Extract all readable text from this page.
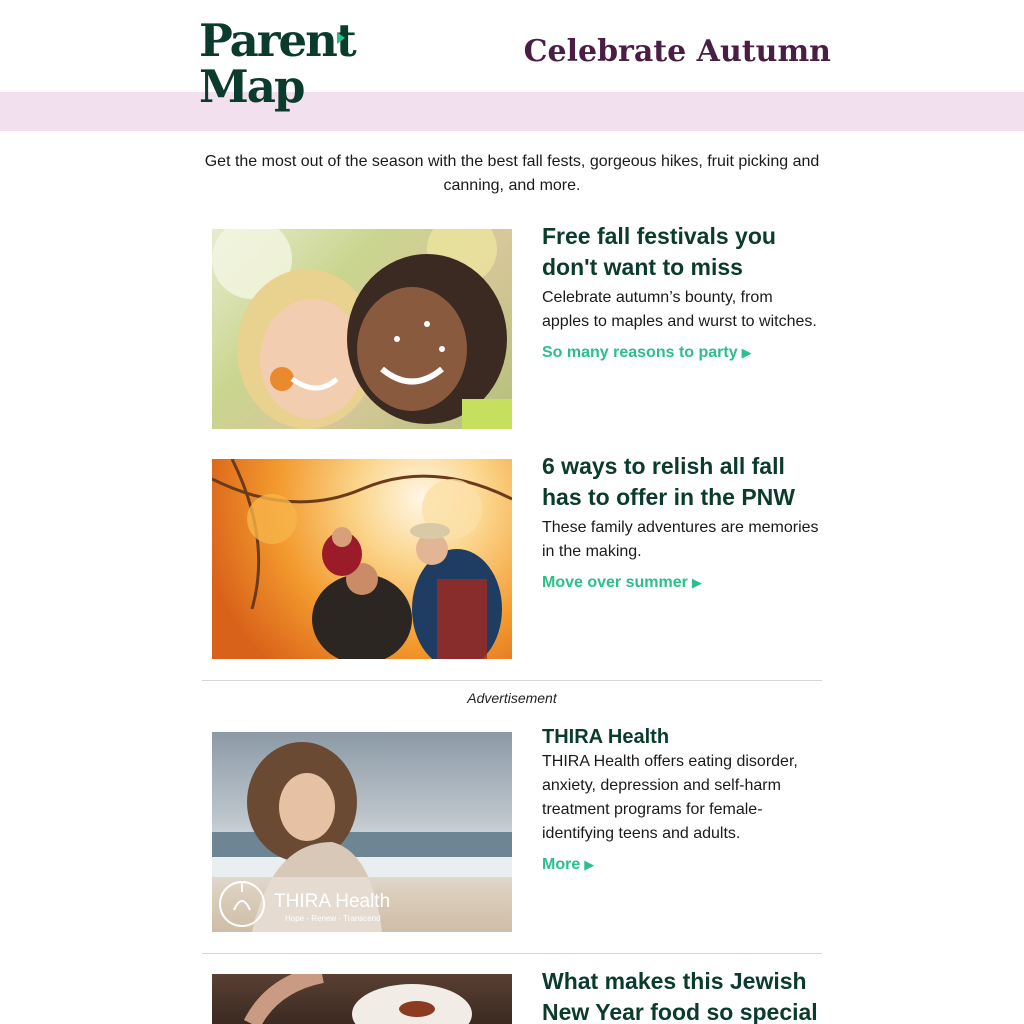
Parent
Map
Celebrate Autumn
Get the most out of the season with the best fall fests, gorgeous hikes, fruit picking and canning, and more.
Free fall festivals you don't want to miss
Celebrate autumn’s bounty, from apples to maples and wurst to witches.
So many reasons to party ▶
6 ways to relish all fall has to offer in the PNW
These family adventures are memories in the making.
Move over summer ▶
Advertisement
THIRA Health
Hope - Renew - Transcend
THIRA Health
THIRA Health offers eating disorder, anxiety, depression and self-harm treatment programs for female-identifying teens and adults.
More ▶
What makes this Jewish New Year food so special
